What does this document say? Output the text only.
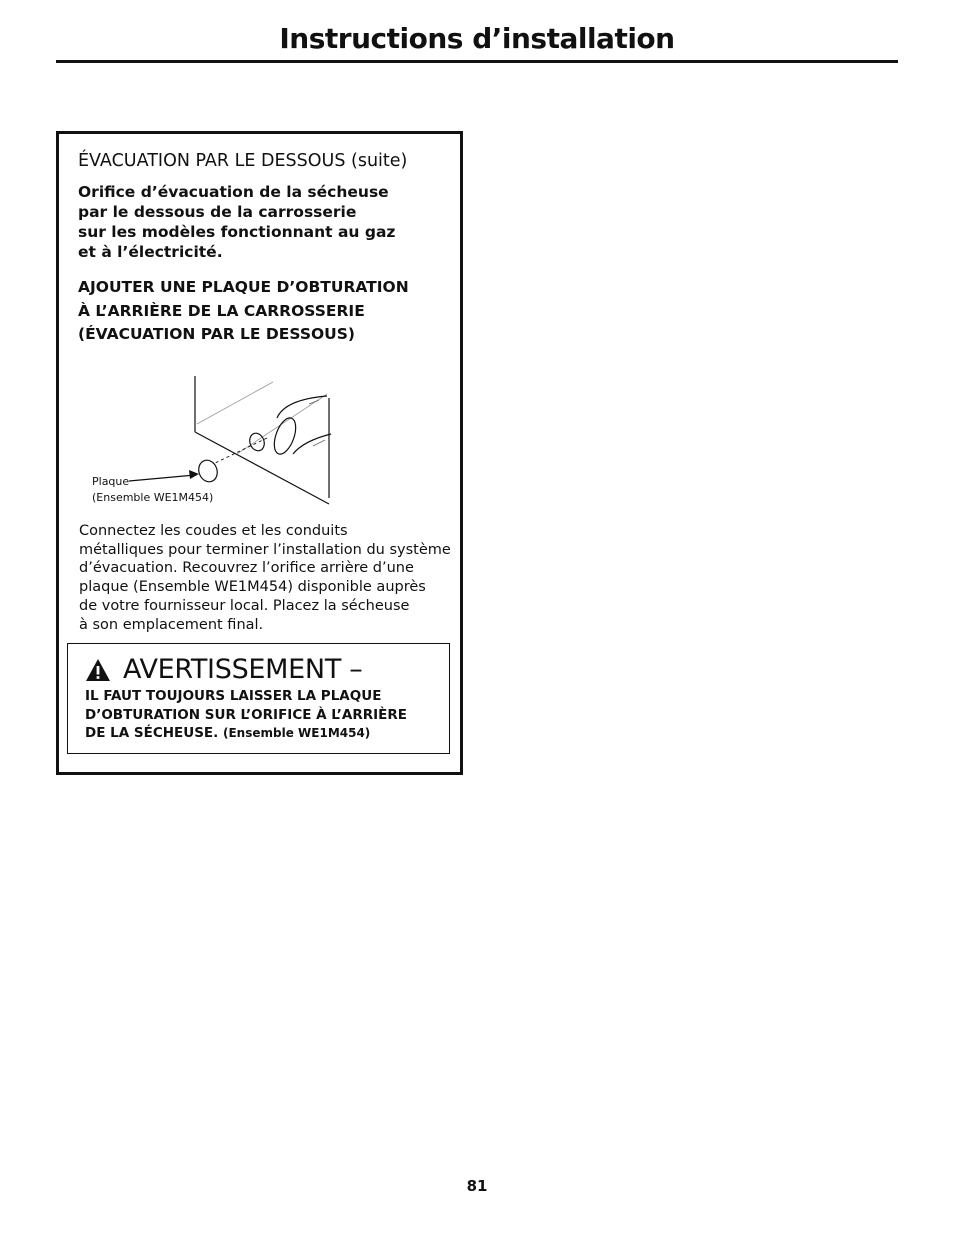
Instructions d’installation
ÉVACUATION PAR LE DESSOUS (suite)

Orifice d’évacuation de la sécheuse
par le dessous de la carrosserie
sur les modèles fonctionnant au gaz
et à l’électricité.

AJOUTER UNE PLAQUE D’OBTURATION
À L’ARRIÈRE DE LA CARROSSERIE
(ÉVACUATION PAR LE DESSOUS)

Plaque
(Ensemble WE1M454)

Connectez les coudes et les conduits
métalliques pour terminer l’installation du système
d’évacuation. Recouvrez l’orifice arrière d’une
plaque (Ensemble WE1M454) disponible auprès
de votre fournisseur local. Placez la sécheuse
à son emplacement final.

AVERTISSEMENT –

IL FAUT TOUJOURS LAISSER LA PLAQUE
D’OBTURATION SUR L’ORIFICE À L’ARRIÈRE
DE LA SÉCHEUSE. (Ensemble WE1M454)

81
